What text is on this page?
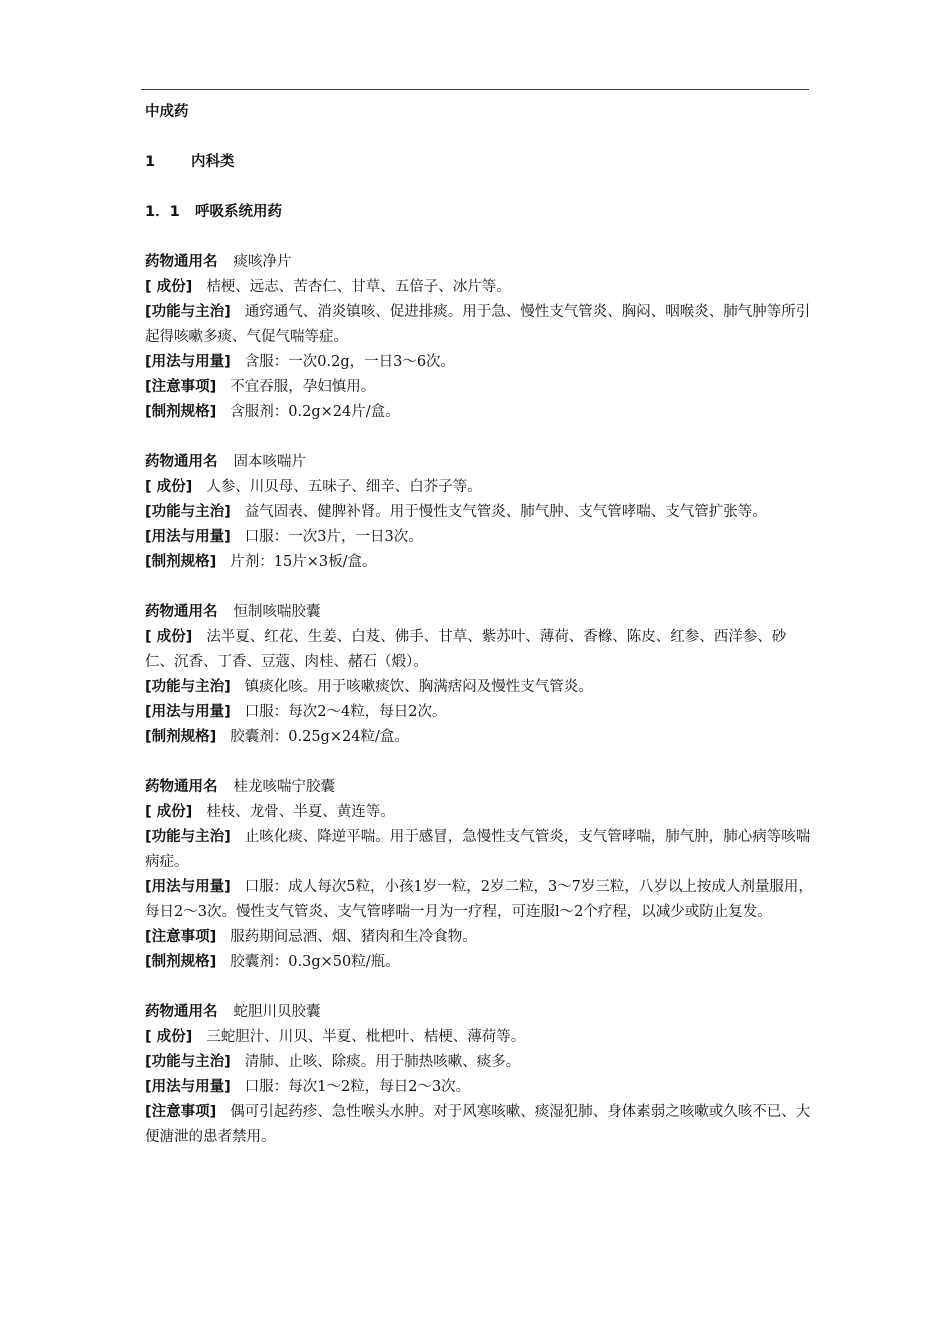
中成药
1 内科类
1．1 呼吸系统用药
药物通用名 痰咳净片
[ 成份] 桔梗、远志、苦杏仁、甘草、五倍子、冰片等。
[功能与主治] 通窍通气、消炎镇咳、促进排痰。用于急、慢性支气管炎、胸闷、咽喉炎、肺气肿等所引起得咳嗽多痰、气促气喘等症。
[用法与用量] 含服：一次0.2g，一日3～6次。
[注意事项] 不宜吞服，孕妇慎用。
[制剂规格] 含服剂：0.2g×24片/盒。
药物通用名 固本咳喘片
[ 成份] 人参、川贝母、五味子、细辛、白芥子等。
[功能与主治] 益气固表、健脾补肾。用于慢性支气管炎、肺气肿、支气管哮喘、支气管扩张等。
[用法与用量] 口服：一次3片，一日3次。
[制剂规格] 片剂：15片×3板/盒。
药物通用名 恒制咳喘胶囊
[ 成份] 法半夏、红花、生姜、白芨、佛手、甘草、紫苏叶、薄荷、香橼、陈皮、红参、西洋参、砂仁、沉香、丁香、豆蔻、肉桂、赭石（煅）。
[功能与主治] 镇痰化咳。用于咳嗽痰饮、胸满痞闷及慢性支气管炎。
[用法与用量] 口服：每次2～4粒，每日2次。
[制剂规格] 胶囊剂：0.25g×24粒/盒。
药物通用名 桂龙咳喘宁胶囊
[ 成份] 桂枝、龙骨、半夏、黄连等。
[功能与主治] 止咳化痰、降逆平喘。用于感冒，急慢性支气管炎，支气管哮喘，肺气肿，肺心病等咳喘病症。
[用法与用量] 口服：成人每次5粒，小孩1岁一粒，2岁二粒，3～7岁三粒，八岁以上按成人剂量服用，每日2～3次。慢性支气管炎、支气管哮喘一月为一疗程，可连服l～2个疗程，以减少或防止复发。
[注意事项] 服药期间忌酒、烟、猪肉和生冷食物。
[制剂规格] 胶囊剂：0.3g×50粒/瓶。
药物通用名 蛇胆川贝胶囊
[ 成份] 三蛇胆汁、川贝、半夏、枇杷叶、桔梗、薄荷等。
[功能与主治] 清肺、止咳、除痰。用于肺热咳嗽、痰多。
[用法与用量] 口服：每次1～2粒，每日2～3次。
[注意事项] 偶可引起药疹、急性喉头水肿。对于风寒咳嗽、痰湿犯肺、身体素弱之咳嗽或久咳不已、大便溏泄的患者禁用。
